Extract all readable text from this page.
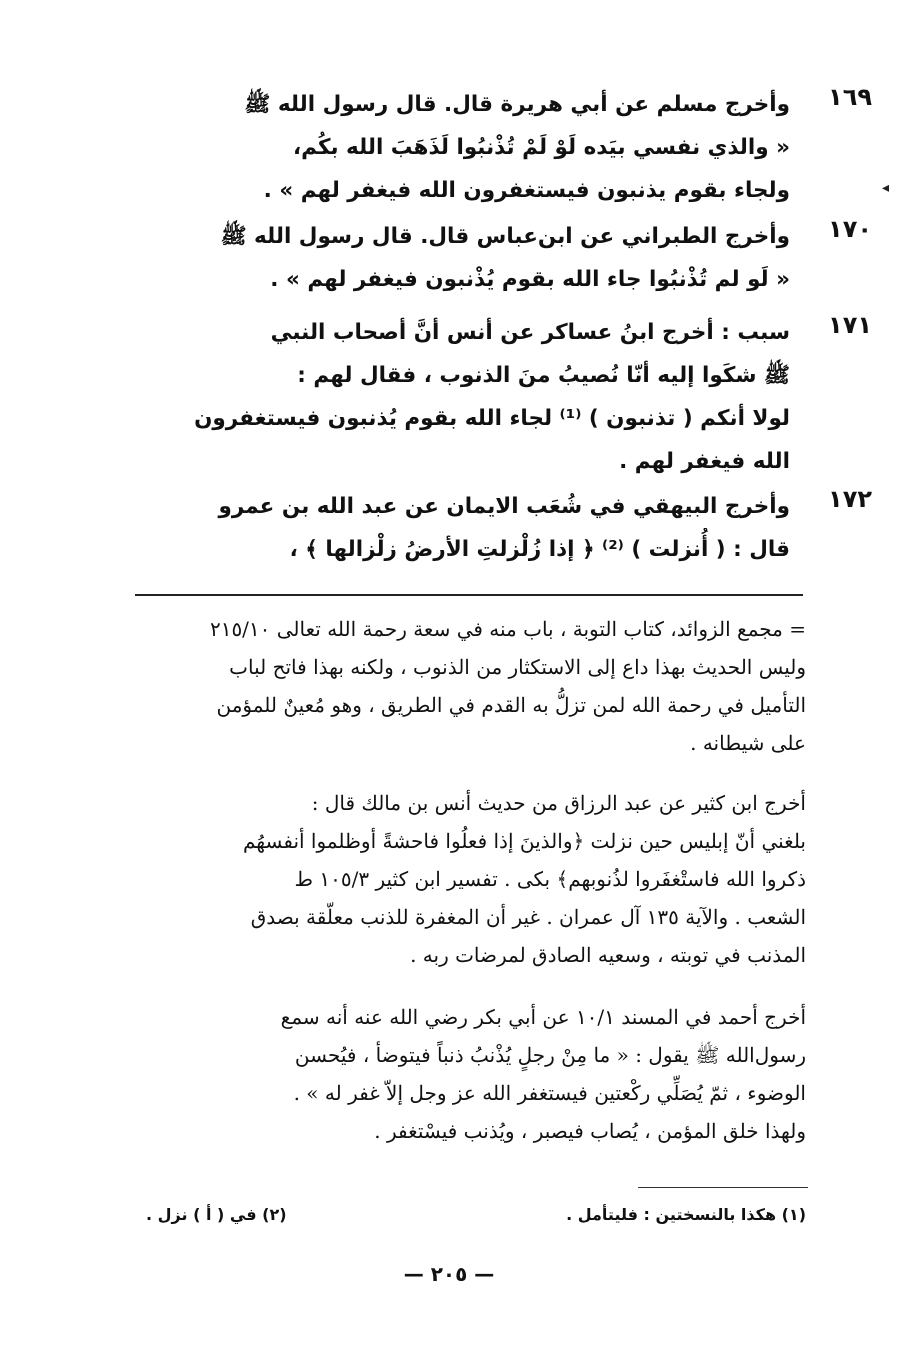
١٦٩
وأخرج مسلم عن أبي هريرة قال. قال رسول الله ﷺ
« والذي نفسي بيَده لَوْ لَمْ تُذْنبُوا لَذَهَبَ الله بكُم،
ولجاء بقوم يذنبون فيستغفرون الله فيغفر لهم » .
١٧٠
وأخرج الطبراني عن ابن‌عباس قال. قال رسول الله ﷺ
« لَو لم تُذْنبُوا جاء الله بقوم يُذْنبون فيغفر لهم » .
١٧١
سبب : أخرج ابنُ عساكر عن أنس أنَّ أصحاب النبي
ﷺ شكَوا إليه أنّا نُصيبُ منَ الذنوب ، فقال لهم :
لولا أنكم ( تذنبون ) ⁽¹⁾ لجاء الله بقوم يُذنبون فيستغفرون
الله فيغفر لهم .
١٧٢
وأخرج البيهقي في شُعَب الايمان عن عبد الله بن عمرو
قال : ( أُنزلت ) ⁽²⁾ ﴿ إذا زُلْزلتِ الأرضُ زلْزالها ﴾ ،
◂

= مجمع الزوائد، كتاب التوبة ، باب منه في سعة رحمة الله تعالى ٢١٥/١٠
وليس الحديث بهذا داع إلى الاستكثار من الذنوب ، ولكنه بهذا فاتح لباب
التأميل في رحمة الله لمن تزلُّ به القدم في الطريق ، وهو مُعينٌ للمؤمن
على شيطانه .

أخرج ابن كثير عن عبد الرزاق من حديث أنس بن مالك قال :
بلغني أنّ إبليس حين نزلت ﴿والذينَ إذا فعلُوا فاحشةً أوظلموا أنفسهُم
ذكروا الله فاستْغفَروا لذُنوبهم﴾ بكى . تفسير ابن كثير ١٠٥/٣ ط
الشعب . والآية ١٣٥ آل عمران . غير أن المغفرة للذنب معلّقة بصدق
المذنب في توبته ، وسعيه الصادق لمرضات ربه .

أخرج أحمد في المسند ١٠/١ عن أبي بكر رضي الله عنه أنه سمع
رسول‌الله ﷺ يقول : « ما مِنْ رجلٍ يُذْنبُ ذنباً فيتوضأ ، فيُحسن
الوضوء ، ثمّ يُصَلِّي ركْعتين فيستغفر الله عز وجل إلاّ غفر له » .
ولهذا خلق المؤمن ، يُصاب فيصبر ، ويُذنب فيسْتغفر .

(١) هكذا بالنسختين : فليتأمل .
(٢) في ( أ ) نزل .
— ٢٠٥ —
